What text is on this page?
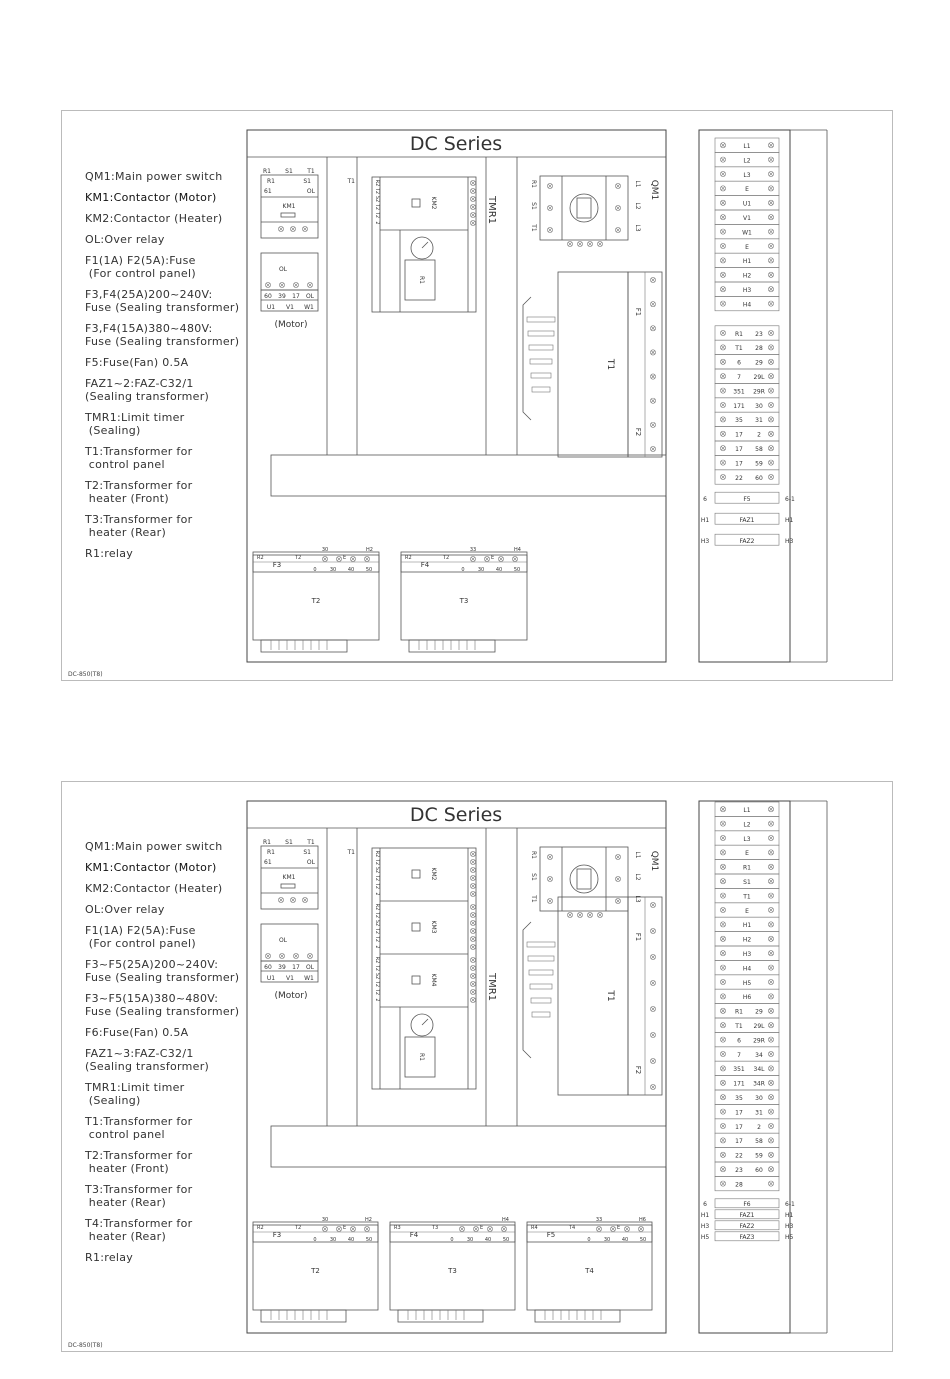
QM1:Main power switch
KM1:Contactor (Motor)
KM2:Contactor (Heater)
OL:Over relay
F1(1A) F2(5A):Fuse
(For control panel)
F3,F4(25A)200~240V:
Fuse (Sealing transformer)
F3,F4(15A)380~480V:
Fuse (Sealing transformer)
F5:Fuse(Fan) 0.5A
FAZ1~2:FAZ-C32/1
(Sealing transformer)
TMR1:Limit timer
(Sealing)
T1:Transformer for
control panel
T2:Transformer for
heater (Front)
T3:Transformer for
heater (Rear)
R1:relay
DC-850(T8)
DC Series
R1 S1 T1
R1	S1	T1
61	OL
KM1
OL
60 39 17 OL
U1 V1 W1
(Motor)
KM2
R2
T2
S2
T2
T2
2
R1
TMR1
R1
S1
T1
L1
L2
L3
QM1
F1
F2
T1
R2	T2	E
H2
30
F3
0	30 40 50
T2
R2	T2	E
H4
33
F4
0	30 40 50
T3
L1
L2
L3
E
U1
V1
W1
E
H1
H2
H3
H4
R1 23
T1 28
6 29
7 29L
351 29R
171 30
35 31
17 2
17 58
17 59
22 60
F5
6	6-1
FAZ1
H1	H1
FAZ2
H3	H3
QM1:Main power switch
KM1:Contactor (Motor)
KM2:Contactor (Heater)
OL:Over relay
F1(1A) F2(5A):Fuse
(For control panel)
F3~F5(25A)200~240V:
Fuse (Sealing transformer)
F3~F5(15A)380~480V:
Fuse (Sealing transformer)
F6:Fuse(Fan) 0.5A
FAZ1~3:FAZ-C32/1
(Sealing transformer)
TMR1:Limit timer
(Sealing)
T1:Transformer for
control panel
T2:Transformer for
heater (Front)
T3:Transformer for
heater (Rear)
T4:Transformer for
heater (Rear)
R1:relay
DC-850(T8)
DC Series
R1 S1 T1
R1	S1	T1
61	OL
KM1
OL
60 39 17 OL
U1 V1 W1
(Motor)
KM2
R2
T2
S2
T2
T2
2
KM3
R2
T2
S2
T2
T2
2
KM4
R2
T2
S2
T2
T2
2
R1
TMR1
R1
S1
T1
L1
L2
L3
QM1
F1
F2
T1
R2	T2	E
H2
30
F3
0	30 40 50
T2
R3	T3	E
H4
F4
0	30 40 50
T3
R4	T4	E
H6
33
F5
0	30 40 50
T4
L1
L2
L3
E
R1
S1
T1
E
H1
H2
H3
H4
H5
H6
R1 29
T1 29L
6 29R
7 34
351 34L
171 34R
35 30
17 31
17 2
17 58
22 59
23 60
28
F6
6	6-1
FAZ1
H1	H1
FAZ2
H3	H3
FAZ3
H5	H5
